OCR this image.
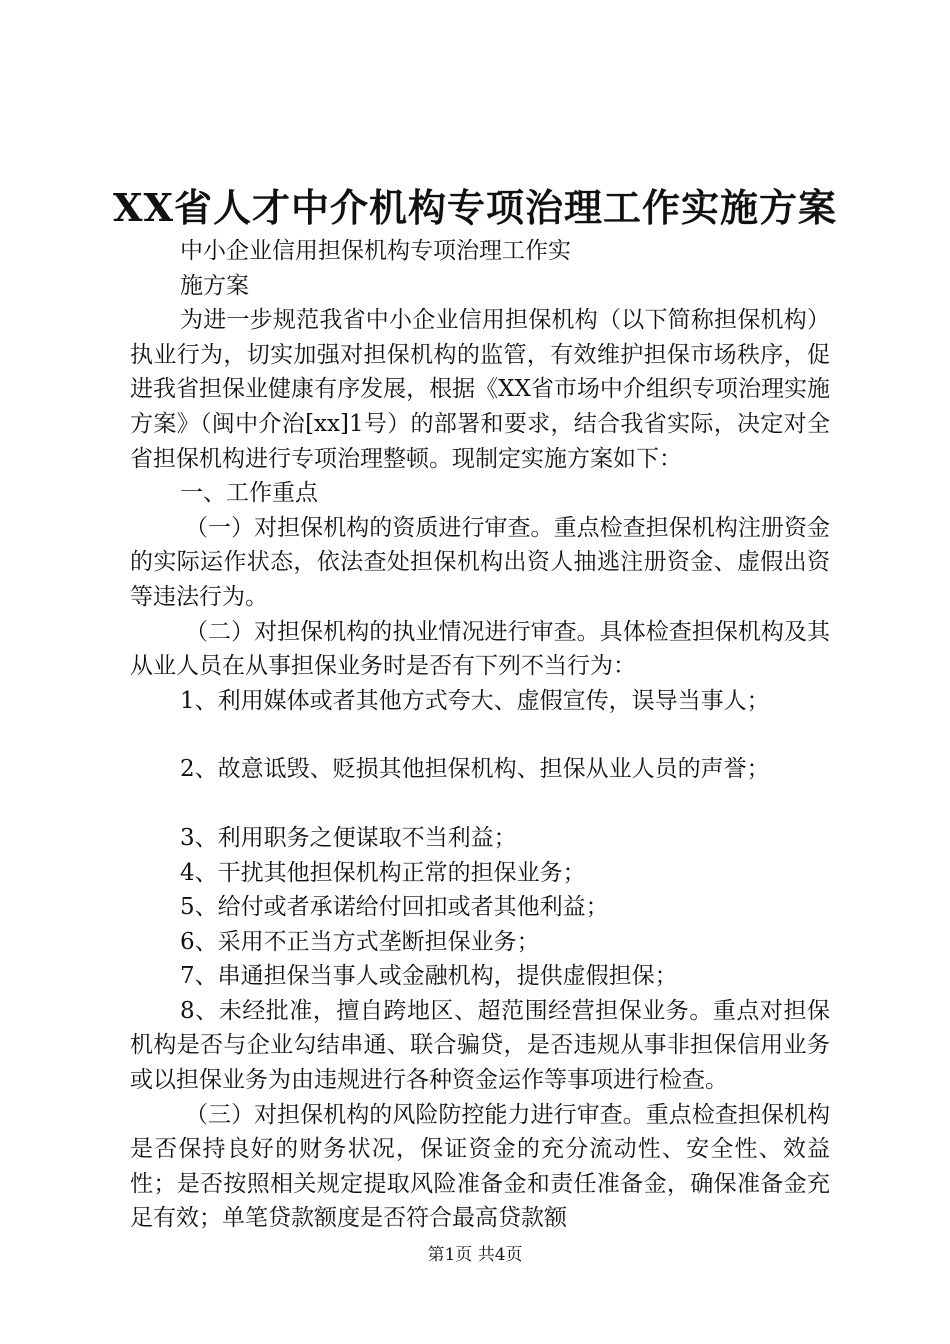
XX省人才中介机构专项治理工作实施方案

中小企业信用担保机构专项治理工作实

施方案

为进一步规范我省中小企业信用担保机构（以下简称担保机构）执业行为，切实加强对担保机构的监管，有效维护担保市场秩序，促进我省担保业健康有序发展，根据《XX省市场中介组织专项治理实施方案》（闽中介治[xx]1号）的部署和要求，结合我省实际，决定对全省担保机构进行专项治理整顿。现制定实施方案如下：

一、工作重点

（一）对担保机构的资质进行审查。重点检查担保机构注册资金的实际运作状态，依法查处担保机构出资人抽逃注册资金、虚假出资等违法行为。

（二）对担保机构的执业情况进行审查。具体检查担保机构及其从业人员在从事担保业务时是否有下列不当行为：

1、利用媒体或者其他方式夸大、虚假宣传，误导当事人；

2、故意诋毁、贬损其他担保机构、担保从业人员的声誉；

3、利用职务之便谋取不当利益；

4、干扰其他担保机构正常的担保业务；

5、给付或者承诺给付回扣或者其他利益；

6、采用不正当方式垄断担保业务；

7、串通担保当事人或金融机构，提供虚假担保；

8、未经批准，擅自跨地区、超范围经营担保业务。重点对担保机构是否与企业勾结串通、联合骗贷，是否违规从事非担保信用业务或以担保业务为由违规进行各种资金运作等事项进行检查。

（三）对担保机构的风险防控能力进行审查。重点检查担保机构是否保持良好的财务状况，保证资金的充分流动性、安全性、效益性；是否按照相关规定提取风险准备金和责任准备金，确保准备金充足有效；单笔贷款额度是否符合最高贷款额

第1页 共4页
